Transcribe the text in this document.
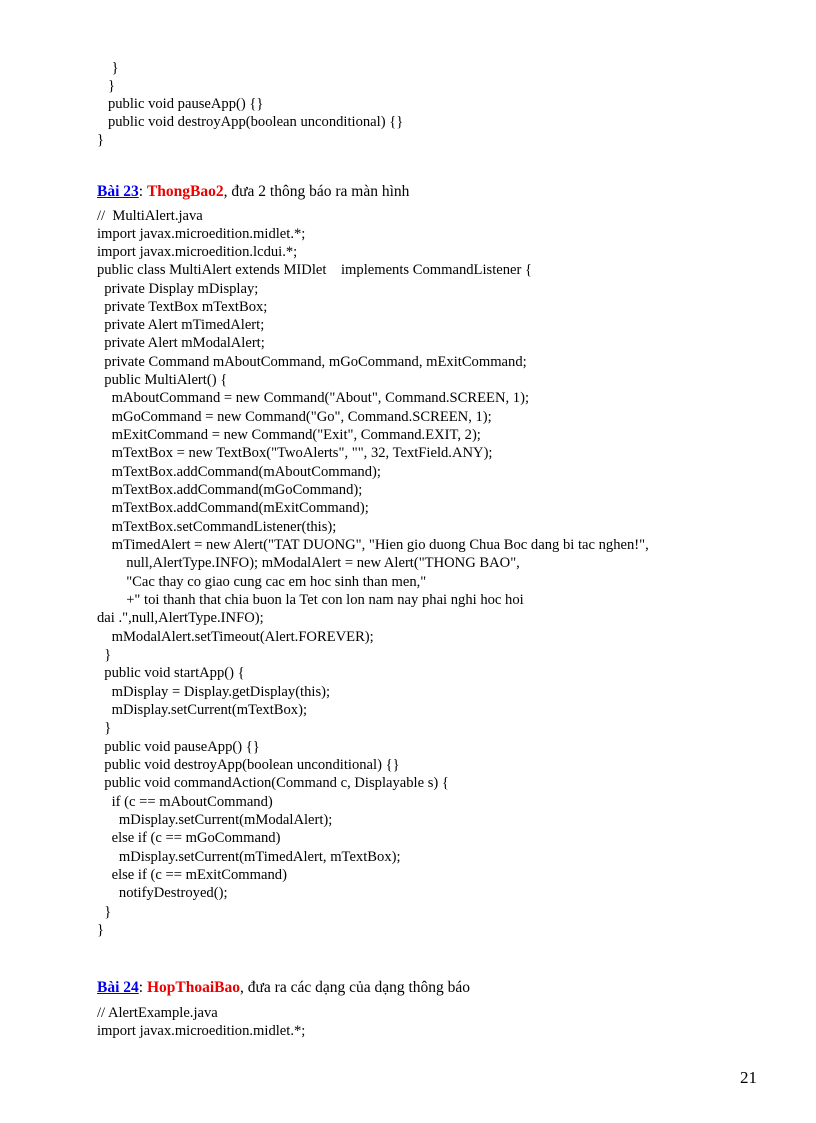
}

}

public void pauseApp() {}

public void destroyApp(boolean unconditional) {}

}

Bài 23: ThongBao2, đưa 2 thông báo ra màn hình

//  MultiAlert.java

import javax.microedition.midlet.*;

import javax.microedition.lcdui.*;

public class MultiAlert extends MIDlet    implements CommandListener {

private Display mDisplay;

private TextBox mTextBox;

private Alert mTimedAlert;

private Alert mModalAlert;

private Command mAboutCommand, mGoCommand, mExitCommand;

public MultiAlert() {

mAboutCommand = new Command("About", Command.SCREEN, 1);

mGoCommand = new Command("Go", Command.SCREEN, 1);

mExitCommand = new Command("Exit", Command.EXIT, 2);

mTextBox = new TextBox("TwoAlerts", "", 32, TextField.ANY);

mTextBox.addCommand(mAboutCommand);

mTextBox.addCommand(mGoCommand);

mTextBox.addCommand(mExitCommand);

mTextBox.setCommandListener(this);

mTimedAlert = new Alert("TAT DUONG", "Hien gio duong Chua Boc dang bi tac nghen!",

null,AlertType.INFO); mModalAlert = new Alert("THONG BAO",

"Cac thay co giao cung cac em hoc sinh than men,"

+" toi thanh that chia buon la Tet con lon nam nay phai nghi hoc hoi

dai .",null,AlertType.INFO);

mModalAlert.setTimeout(Alert.FOREVER);

}

public void startApp() {

mDisplay = Display.getDisplay(this);

mDisplay.setCurrent(mTextBox);

}

public void pauseApp() {}

public void destroyApp(boolean unconditional) {}

public void commandAction(Command c, Displayable s) {

if (c == mAboutCommand)

mDisplay.setCurrent(mModalAlert);

else if (c == mGoCommand)

mDisplay.setCurrent(mTimedAlert, mTextBox);

else if (c == mExitCommand)

notifyDestroyed();

}

}

Bài 24: HopThoaiBao, đưa ra các dạng của dạng thông báo

// AlertExample.java

import javax.microedition.midlet.*;

21
